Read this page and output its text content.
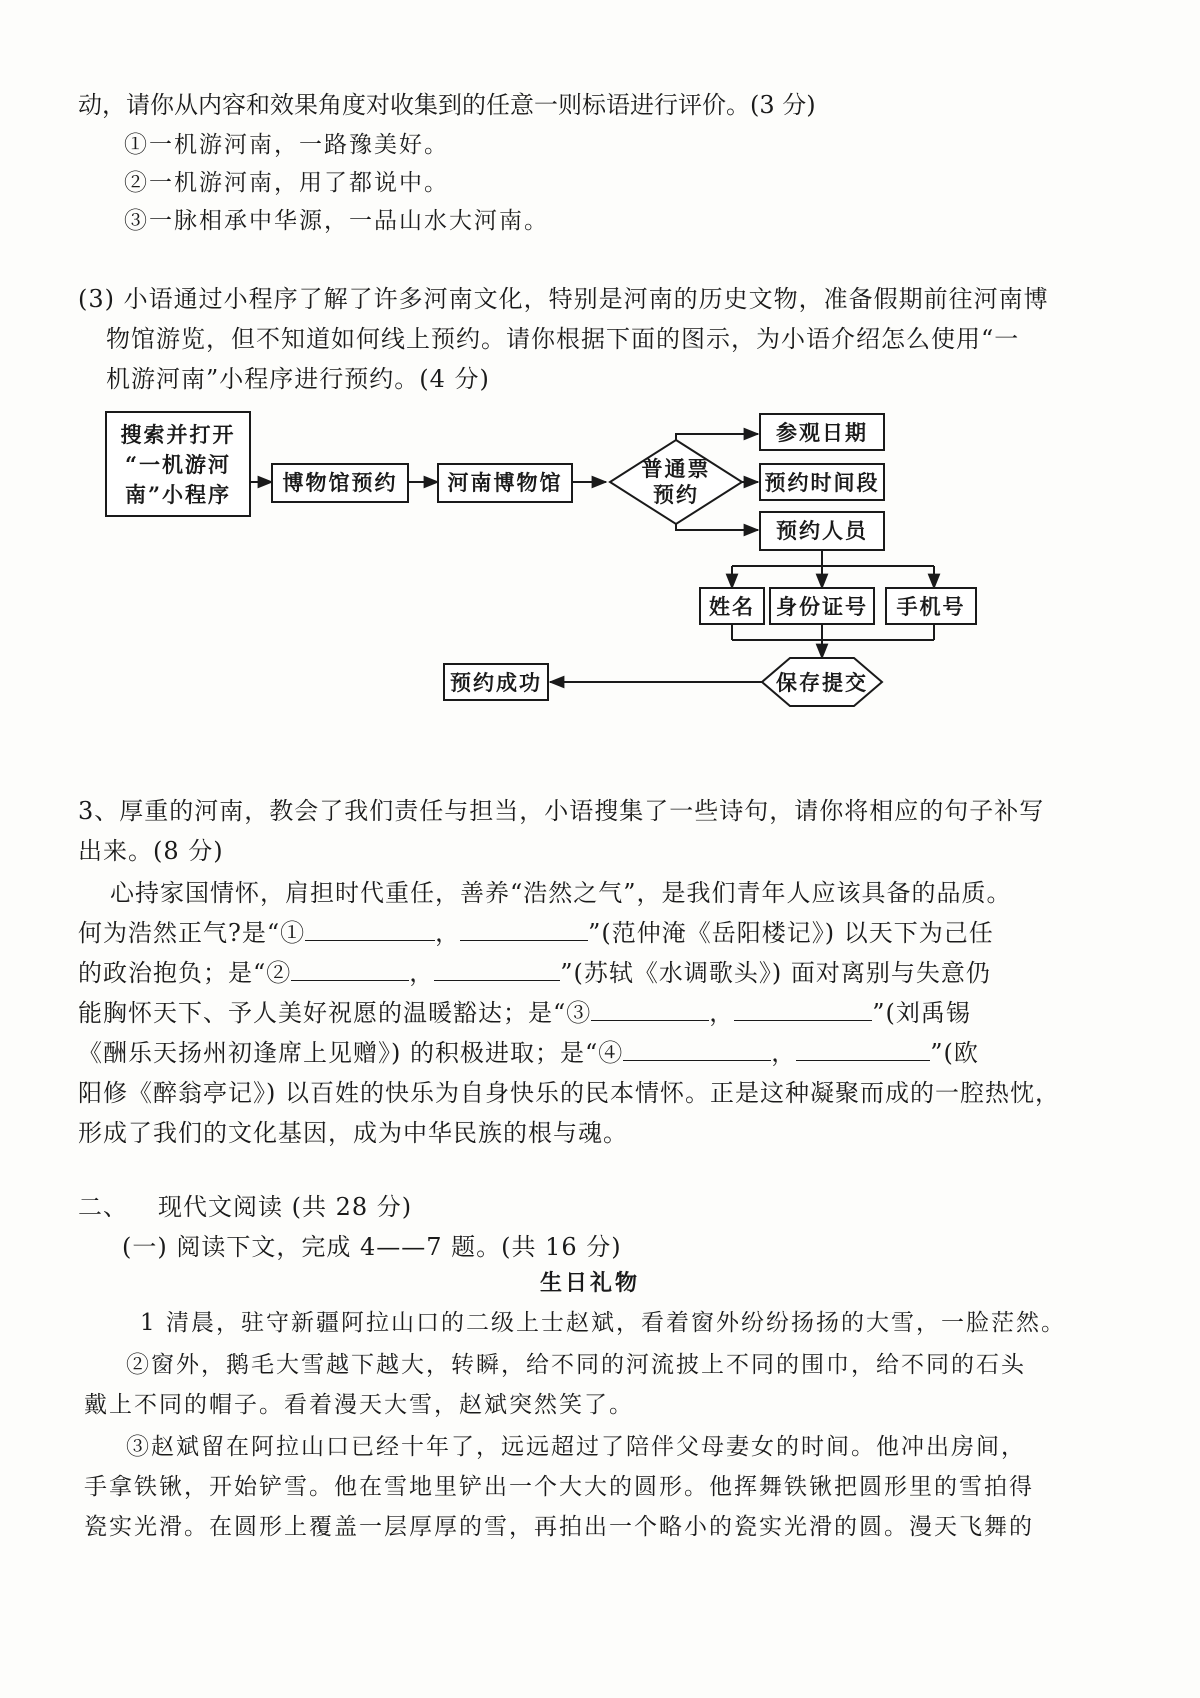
动，请你从内容和效果角度对收集到的任意一则标语进行评价。(3 分)
①一机游河南，一路豫美好。
②一机游河南，用了都说中。
③一脉相承中华源，一品山水大河南。
(3) 小语通过小程序了解了许多河南文化，特别是河南的历史文物，准备假期前往河南博
物馆游览，但不知道如何线上预约。请你根据下面的图示，为小语介绍怎么使用“一
机游河南”小程序进行预约。(4 分)
搜索并打开
“一机游河
南”小程序 博物馆预约 河南博物馆
普通票
预约
参观日期
预约时间段
预约人员
姓名 身份证号 手机号
保存提交
预约成功
3、厚重的河南，教会了我们责任与担当，小语搜集了一些诗句，请你将相应的句子补写
出来。(8 分)
心持家国情怀，肩担时代重任，善养“浩然之气”，是我们青年人应该具备的品质。
何为浩然正气?是“①	，	”(范仲淹《岳阳楼记》) 以天下为己任
的政治抱负；是“②	，	”(苏轼《水调歌头》) 面对离别与失意仍
能胸怀天下、予人美好祝愿的温暖豁达；是“③	，	”(刘禹锡
《酬乐天扬州初逢席上见赠》) 的积极进取；是“④	，	”(欧
阳修《醉翁亭记》) 以百姓的快乐为自身快乐的民本情怀。正是这种凝聚而成的一腔热忱，
形成了我们的文化基因，成为中华民族的根与魂。
二、 现代文阅读 (共 28 分)
(一) 阅读下文，完成 4——7 题。(共 16 分)
生日礼物
1 清晨，驻守新疆阿拉山口的二级上士赵斌，看着窗外纷纷扬扬的大雪，一脸茫然。
②窗外，鹅毛大雪越下越大，转瞬，给不同的河流披上不同的围巾，给不同的石头
戴上不同的帽子。看着漫天大雪，赵斌突然笑了。
③赵斌留在阿拉山口已经十年了，远远超过了陪伴父母妻女的时间。他冲出房间，
手拿铁锹，开始铲雪。他在雪地里铲出一个大大的圆形。他挥舞铁锹把圆形里的雪拍得
瓷实光滑。在圆形上覆盖一层厚厚的雪，再拍出一个略小的瓷实光滑的圆。漫天飞舞的
